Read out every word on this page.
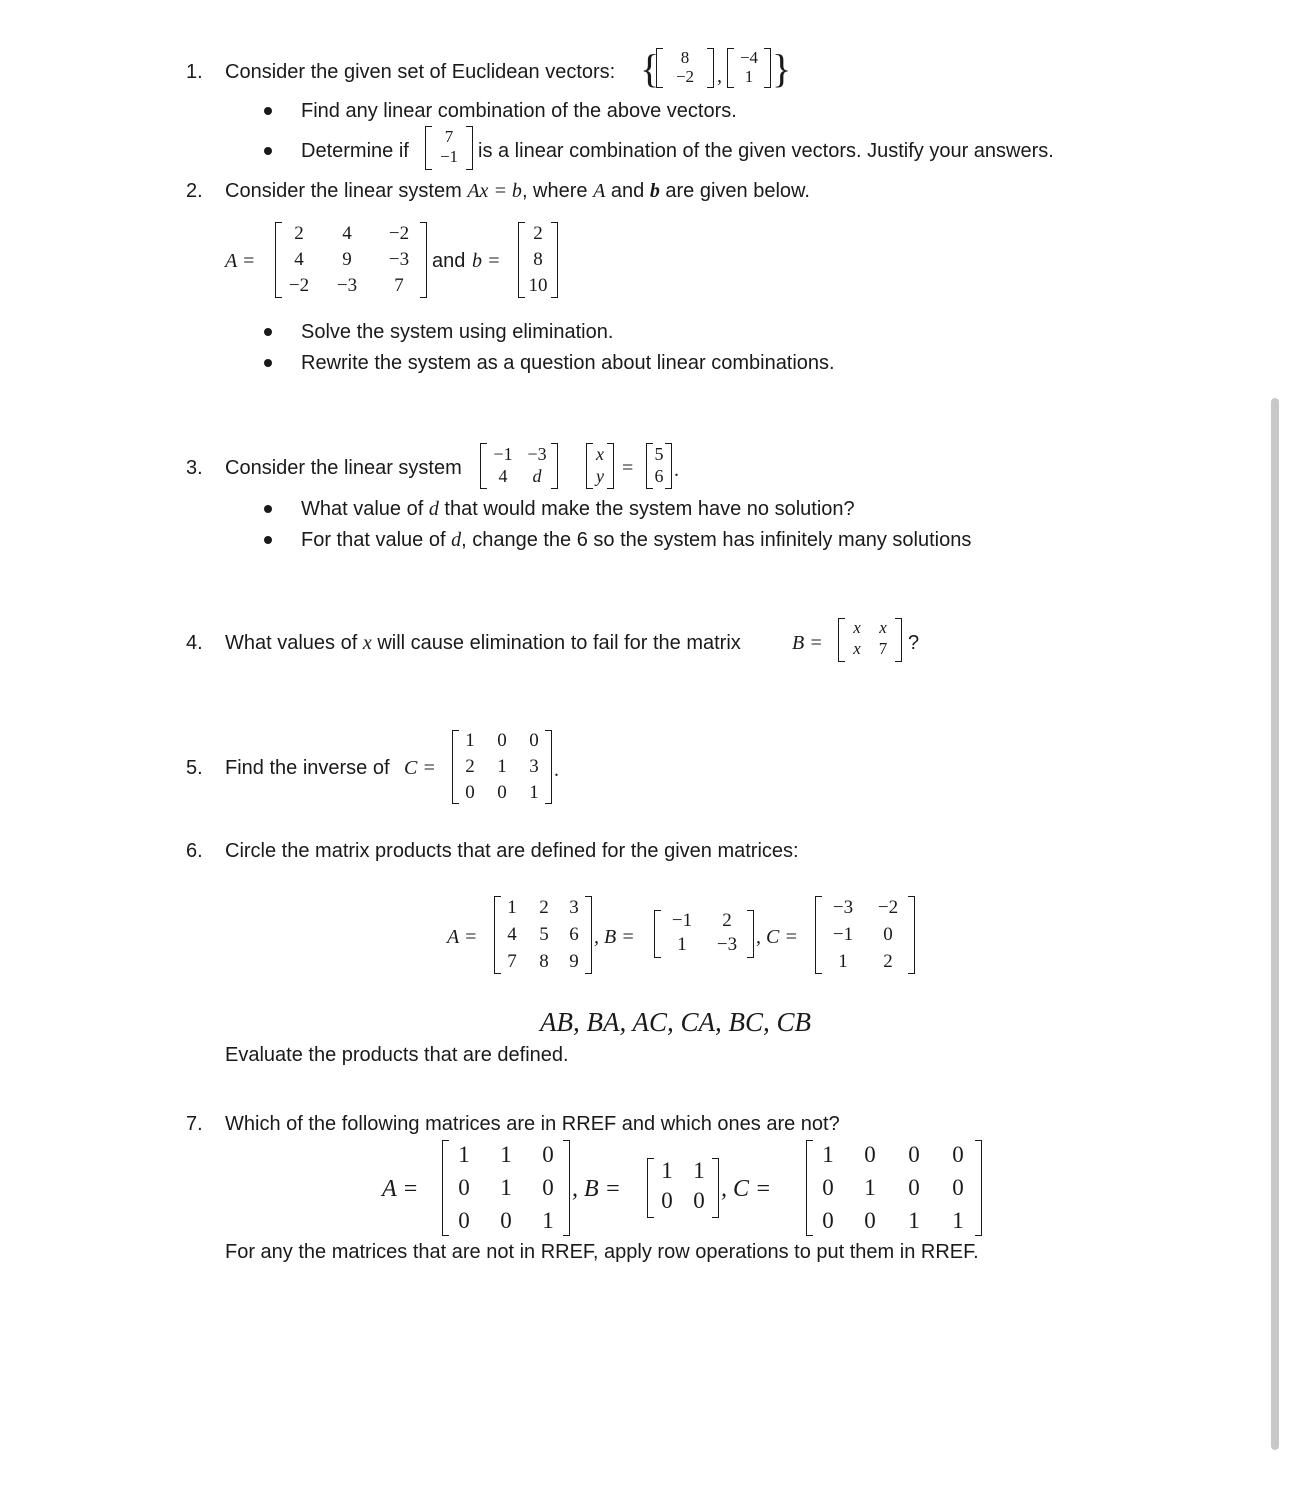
1. Consider the given set of Euclidean vectors: {	8
−2	,
−4
1 }
Find any linear combination of the above vectors.
Determine if
7
−1 is a linear combination of the given vectors. Justify your answers.
2. Consider the linear system Ax = b, where A and b are given below.
A =
2	4	−2
4	9	−3
−2	−3	7
and b =
2
8
10
Solve the system using elimination.
Rewrite the system as a question about linear combinations.
3. Consider the linear system
−1 −3
4	d
x
y =
5
6 .
What value of d that would make the system have no solution?
For that value of d, change the 6 so the system has infinitely many solutions
4. What values of x will cause elimination to fail for the matrix	B =
x	x
x	7	?
5. Find the inverse of C =
1	0	0
2	1	3
0	0	1
.
6. Circle the matrix products that are defined for the given matrices:
A =
1	2	3
4	5	6
7	8	9
, B =
−1	2
1	−3 , C =
−3	−2
−1	0
1	2
AB, BA, AC, CA, BC, CB
Evaluate the products that are defined.
7. Which of the following matrices are in RREF and which ones are not?
A =
1	1	0
0	1	0
0	0	1
, B =
1 1
0 0 , C =
1	0	0	0
0	1	0	0
0	0	1	1
For any the matrices that are not in RREF, apply row operations to put them in RREF.
